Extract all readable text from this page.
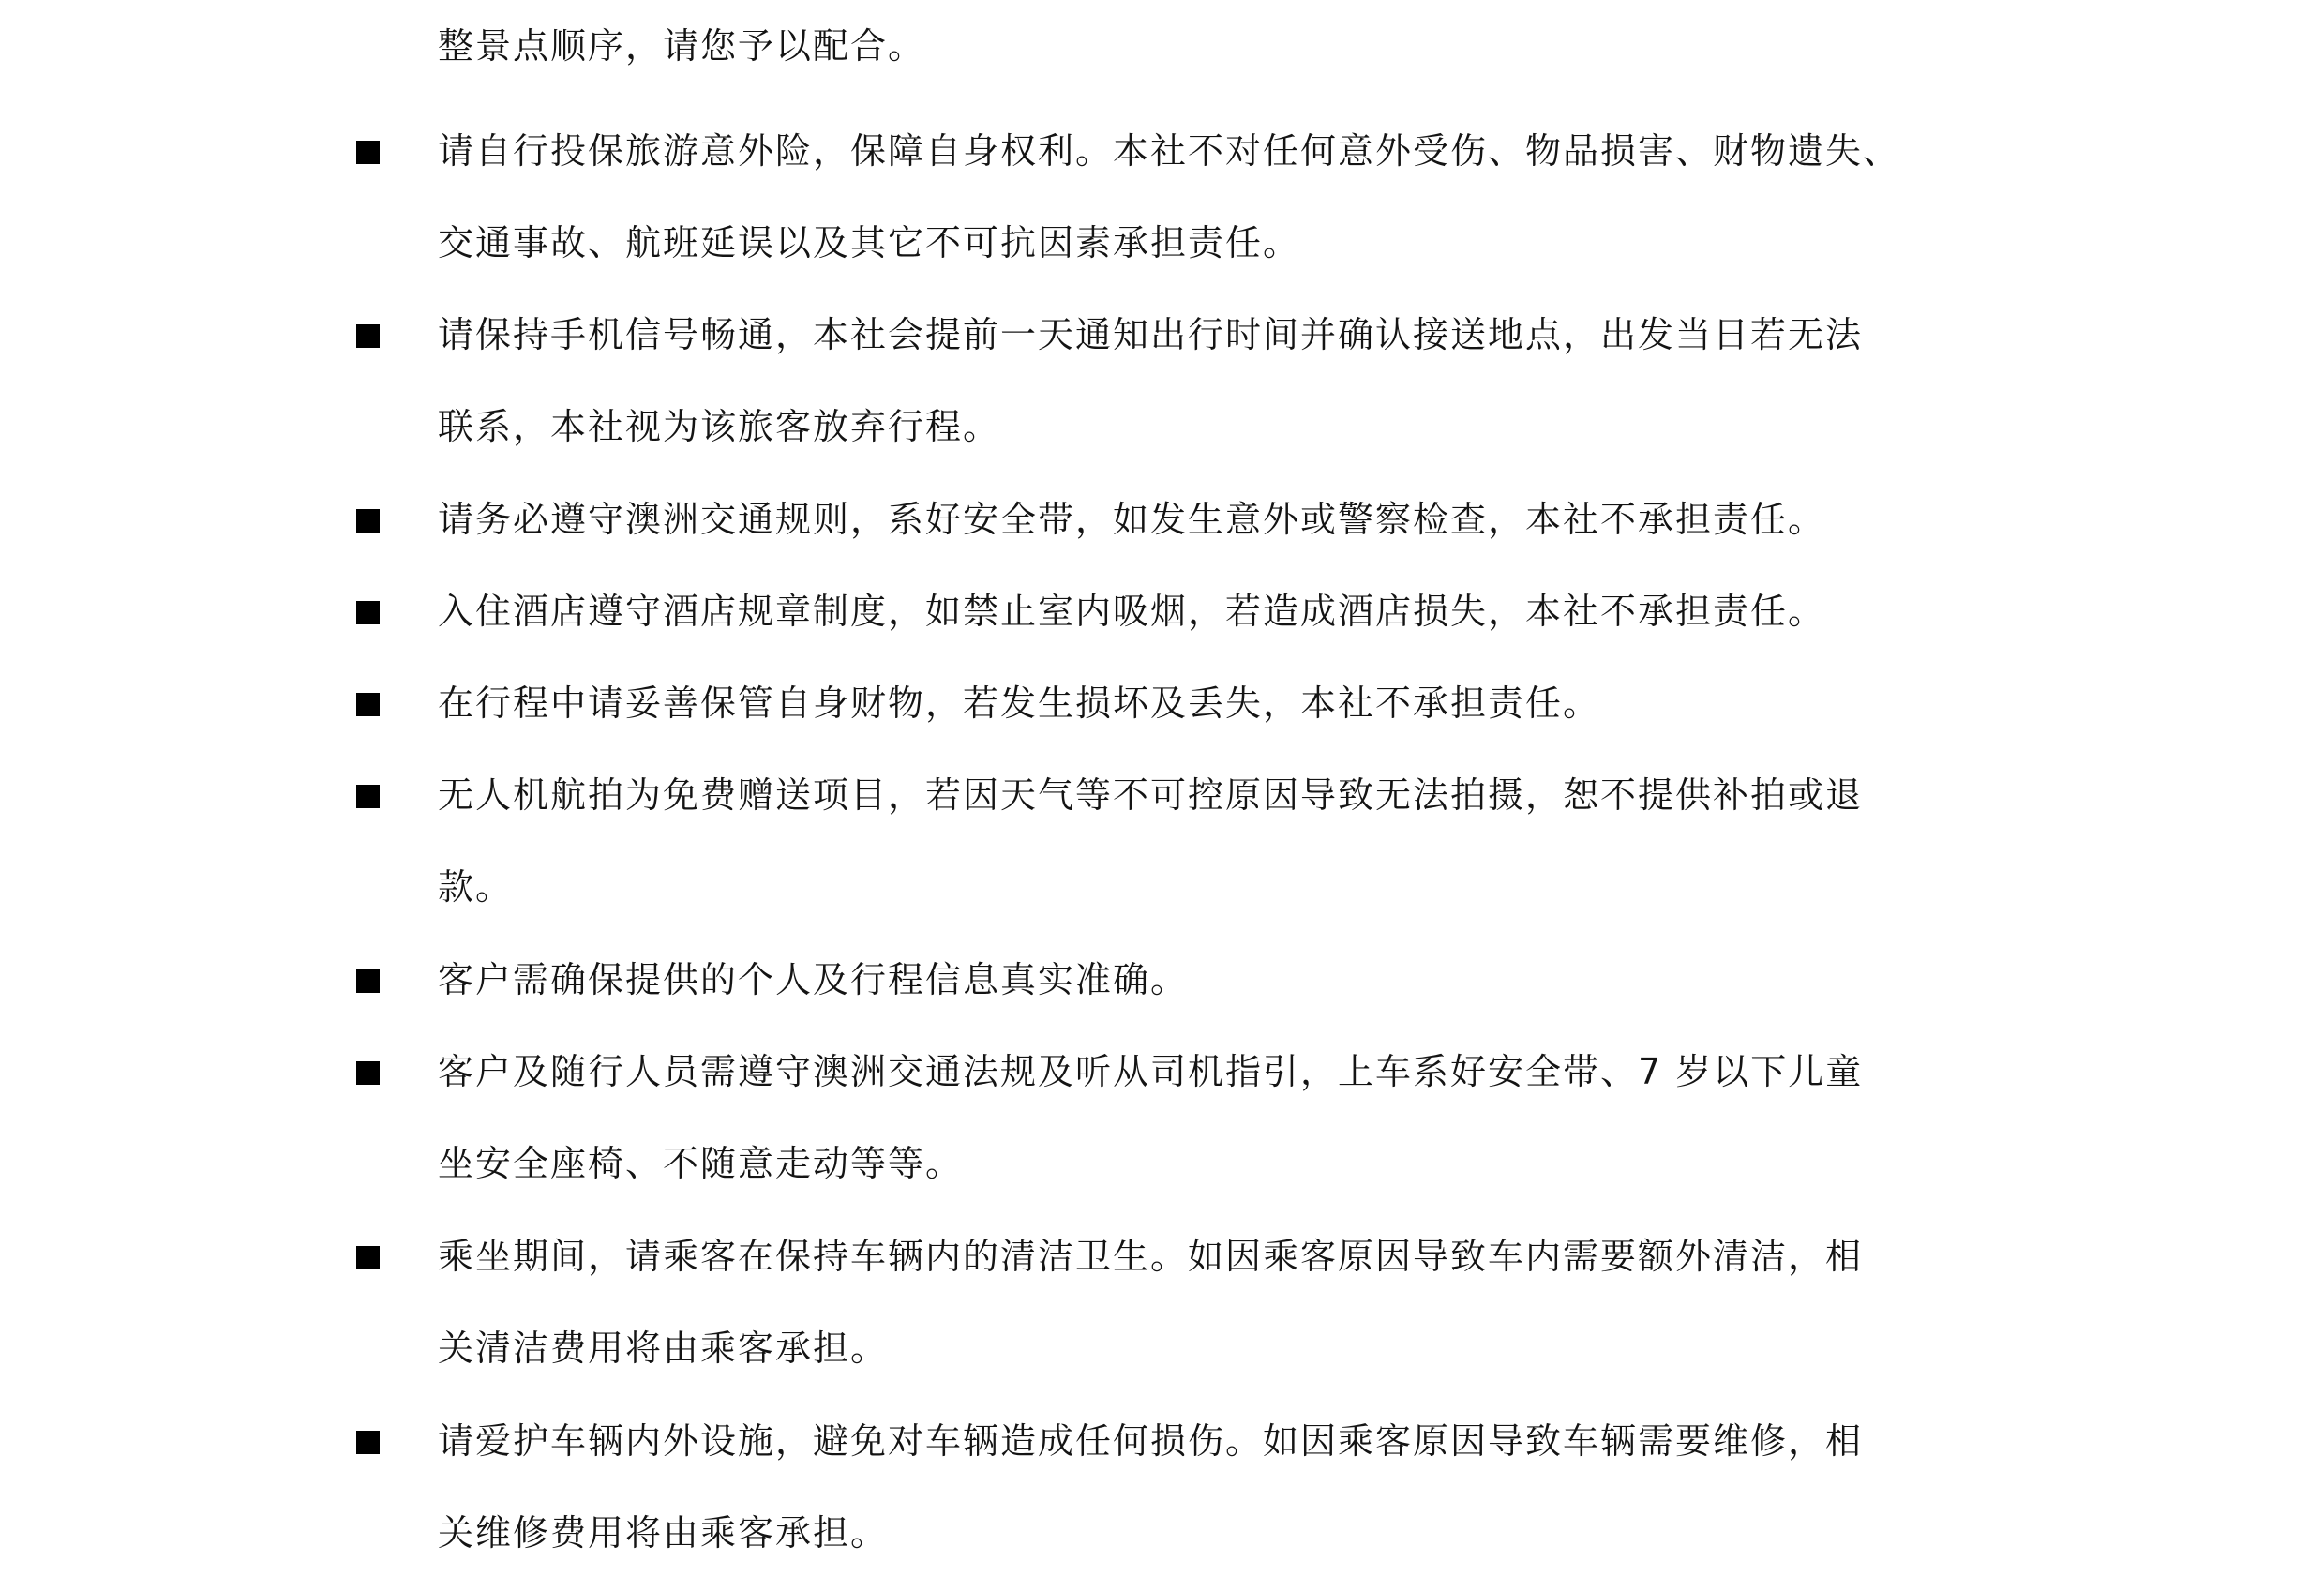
整景点顺序，请您予以配合。

请自行投保旅游意外险，保障自身权利。本社不对任何意外受伤、物品损害、财物遗失、

交通事故、航班延误以及其它不可抗因素承担责任。

请保持手机信号畅通，本社会提前一天通知出行时间并确认接送地点，出发当日若无法

联系，本社视为该旅客放弃行程。

请务必遵守澳洲交通规则，系好安全带，如发生意外或警察检查，本社不承担责任。

入住酒店遵守酒店规章制度，如禁止室内吸烟，若造成酒店损失，本社不承担责任。

在行程中请妥善保管自身财物，若发生损坏及丢失，本社不承担责任。

无人机航拍为免费赠送项目，若因天气等不可控原因导致无法拍摄，恕不提供补拍或退

款。

客户需确保提供的个人及行程信息真实准确。

客户及随行人员需遵守澳洲交通法规及听从司机指引，上车系好安全带、7 岁以下儿童

坐安全座椅、不随意走动等等。

乘坐期间，请乘客在保持车辆内的清洁卫生。如因乘客原因导致车内需要额外清洁，相

关清洁费用将由乘客承担。

请爱护车辆内外设施，避免对车辆造成任何损伤。如因乘客原因导致车辆需要维修，相

关维修费用将由乘客承担。
